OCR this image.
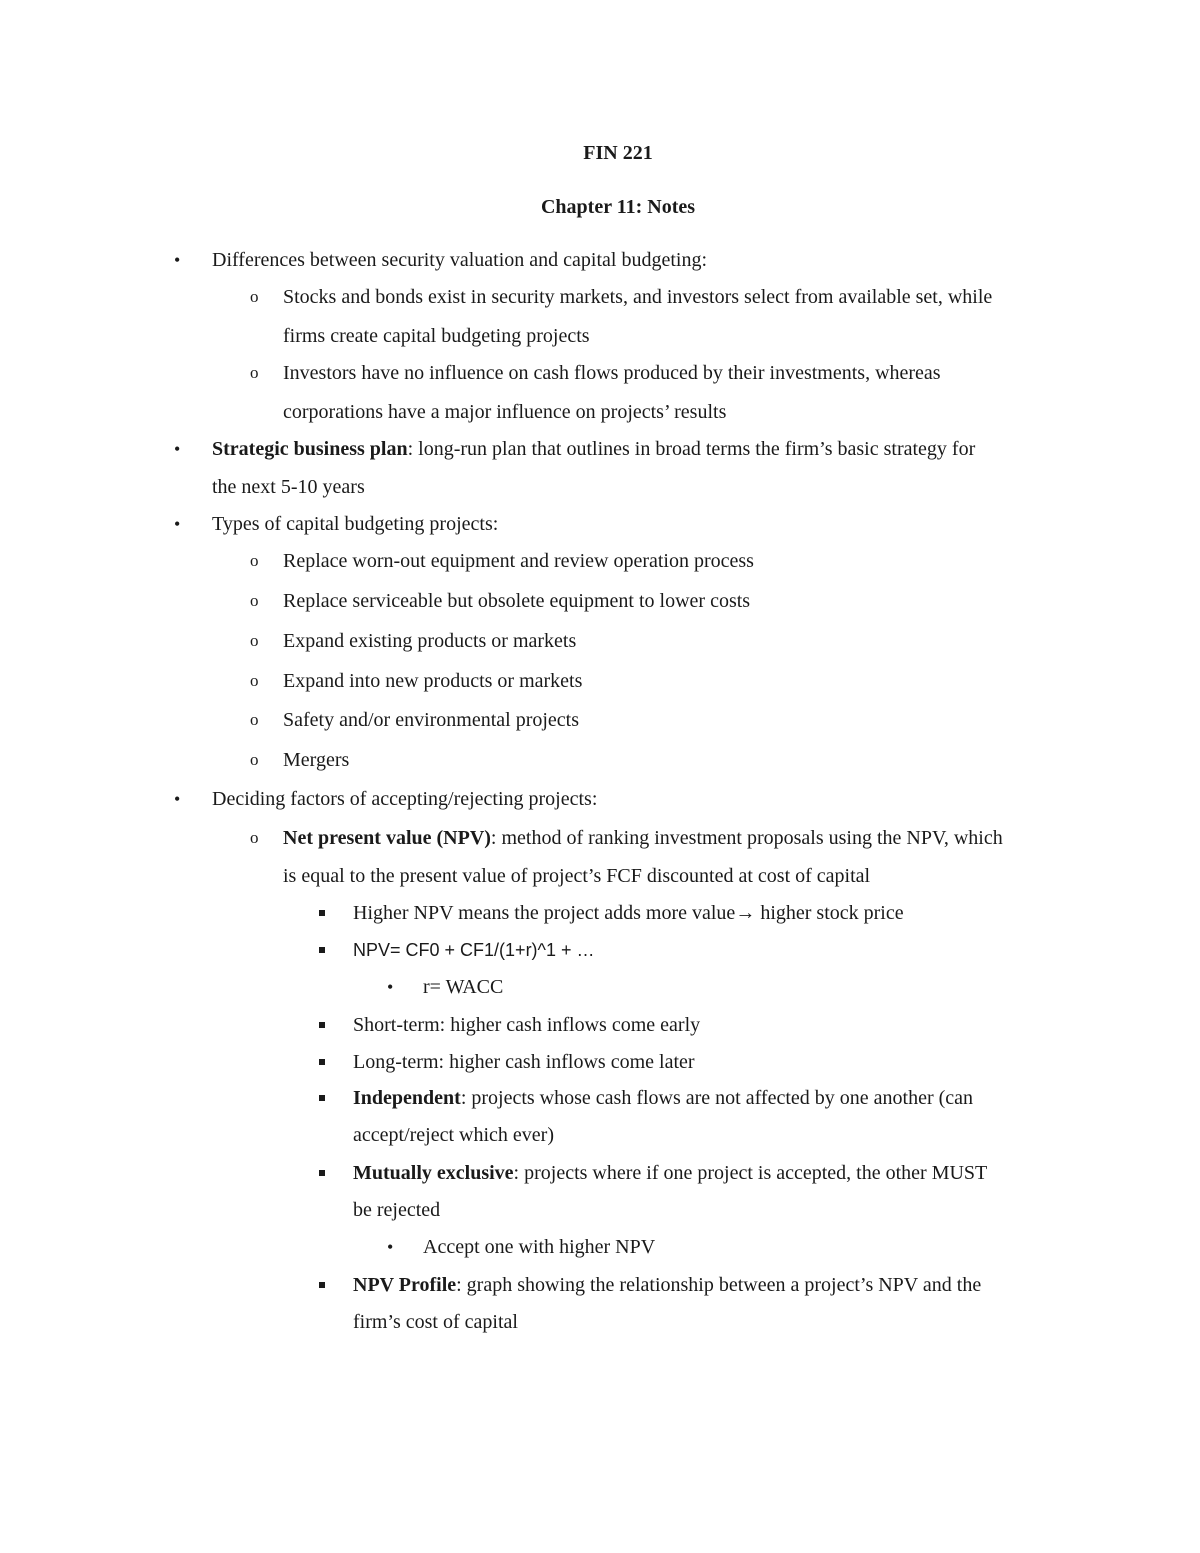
FIN 221
Chapter 11: Notes
• Differences between security valuation and capital budgeting:
o Stocks and bonds exist in security markets, and investors select from available set, while
firms create capital budgeting projects
o Investors have no influence on cash flows produced by their investments, whereas
corporations have a major influence on projects’ results
• Strategic business plan: long-run plan that outlines in broad terms the firm’s basic strategy for
the next 5-10 years
• Types of capital budgeting projects:
o Replace worn-out equipment and review operation process
o Replace serviceable but obsolete equipment to lower costs
o Expand existing products or markets
o Expand into new products or markets
o Safety and/or environmental projects
o Mergers
• Deciding factors of accepting/rejecting projects:
o Net present value (NPV): method of ranking investment proposals using the NPV, which
is equal to the present value of project’s FCF discounted at cost of capital
Higher NPV means the project adds more value→ higher stock price
NPV= CF0 + CF1/(1+r)^1 + …
• r= WACC
Short-term: higher cash inflows come early
Long-term: higher cash inflows come later
Independent: projects whose cash flows are not affected by one another (can
accept/reject which ever)
Mutually exclusive: projects where if one project is accepted, the other MUST
be rejected
• Accept one with higher NPV
NPV Profile: graph showing the relationship between a project’s NPV and the
firm’s cost of capital
